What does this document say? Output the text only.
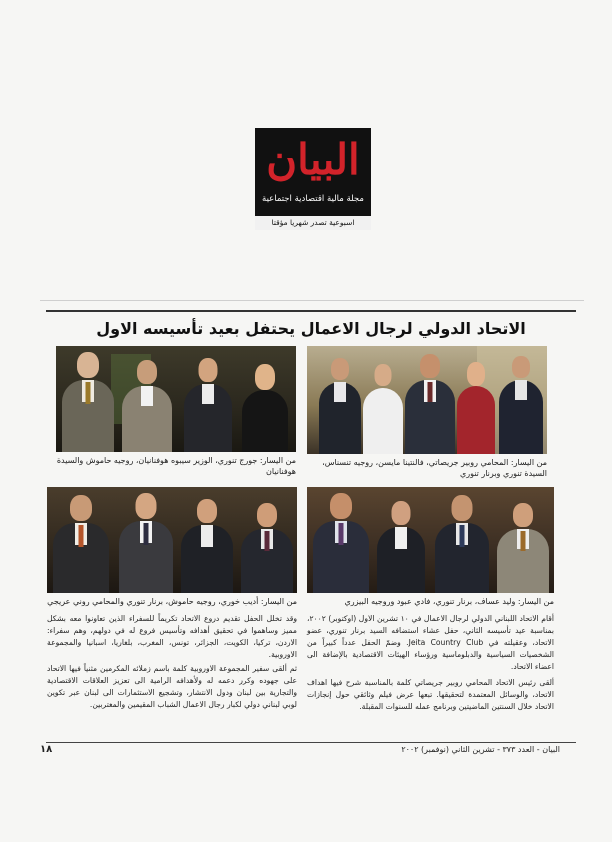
البيان
مجلة مالية اقتصادية اجتماعية
اسبوعية تصدر شهريا مؤقتا
الاتحاد الدولي لرجال الاعمال يحتفل بعيد تأسيسه الاول
من اليسار: المحامي روبير جريصاتي، فالنتينا مايسن، روجيه تنسناس، السيدة تنوري وبرنار تنوري
من اليسار: جورج تنوري، الوزير سيبوه هوفنانيان، روجيه حاموش والسيدة هوفنانيان
من اليسار: وليد عساف، برنار تنوري، فادي عبود وروجيه البيزري
من اليسار: أديب خوري، روجيه حاموش، برنار تنوري والمحامي روني عريجي

أقام الاتحاد اللبناني الدولي لرجال الاعمال في ١٠ تشرين الاول (اوكتوبر) ٢٠٠٢، بمناسبة عيد تأسيسه الثاني، حفل عشاء استضافه السيد برنار تنوري، عضو الاتحاد، وعقيلته في Jeita Country Club. وضمّ الحفل عدداً كبيراً من الشخصيات السياسية والدبلوماسية ورؤساء الهيئات الاقتصادية بالإضافة الى اعضاء الاتحاد.

ألقى رئيس الاتحاد المحامي روبير جريصاتي كلمة بالمناسبة شرح فيها اهداف الاتحاد، والوسائل المعتمدة لتحقيقها. تبعها عرض فيلم وثائقي حول إنجازات الاتحاد خلال السنتين الماضيتين وبرنامج عمله للسنوات المقبلة.

وقد تخلل الحفل تقديم دروع الاتحاد تكريماً للسفراء الذين تعاونوا معه بشكل مميز وساهموا في تحقيق أهدافه وتأسيس فروع له في دولهم، وهم سفراء: الاردن، تركيا، الكويت، الجزائر، تونس، المغرب، بلغاريا، اسبانيا والمجموعة الاوروبية.

ثم ألقى سفير المجموعة الاوروبية كلمة باسم زملائه المكرمين مثنياً فيها الاتحاد على جهوده وكرر دعمه له ولأهدافه الرامية الى تعزيز العلاقات الاقتصادية والتجارية بين لبنان ودول الانتشار، وتشجيع الاستثمارات الى لبنان عبر تكوين لوبي لبناني دولي لكبار رجال الاعمال الشباب المقيمين والمغتربين.

١٨	البيان - العدد ٣٧٣ - تشرين الثاني (نوفمبر) ٢٠٠٢
